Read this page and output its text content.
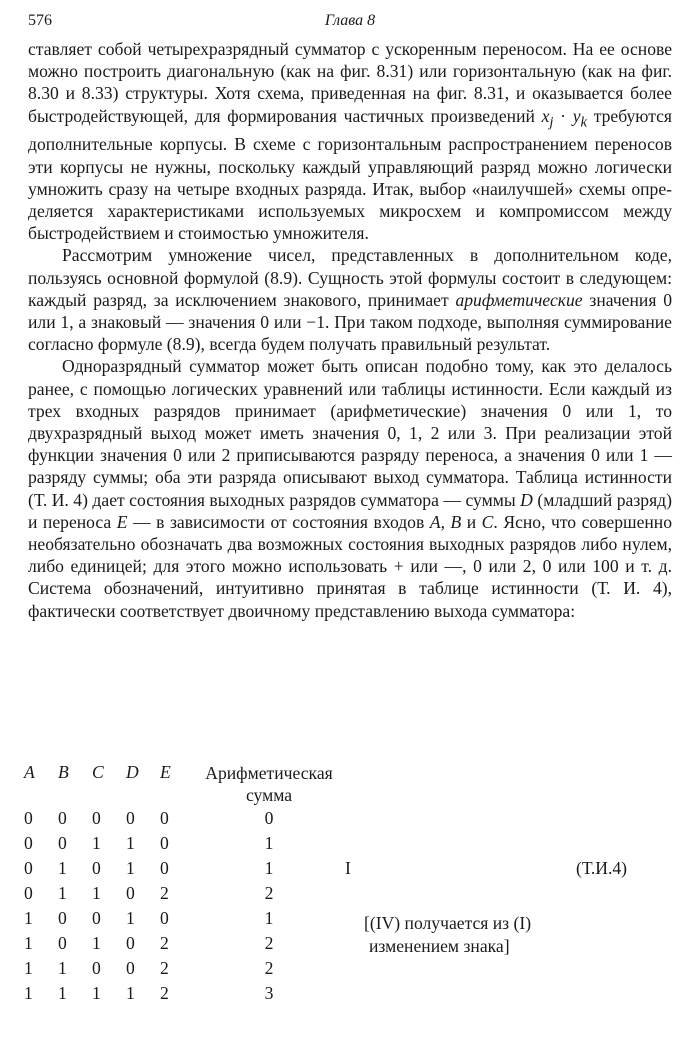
576	Глава 8

ставляет собой четырехразрядный сумматор с ускоренным переносом. На ее основе можно построить диагональную (как на фиг. 8.31) или горизонтальную (как на фиг. 8.30 и 8.33) структуры. Хотя схема, приведенная на фиг. 8.31, и оказывается более быстродействующей, для формирования частичных произведений $x_j \cdot y_k$ требуются дополнительные корпусы. В схеме с горизонтальным распространением переносов эти корпусы не нужны, поскольку каждый управляющий разряд можно логически умножить сразу на четыре входных разряда. Итак, выбор «наилучшей» схемы определяется характеристиками используемых микросхем и компромиссом между быстродействием и стоимостью умножителя.

Рассмотрим умножение чисел, представленных в дополнительном коде, пользуясь основной формулой (8.9). Сущность этой формулы состоит в следующем: каждый разряд, за исключением знакового, принимает арифметические значения 0 или 1, а знаковый — значения 0 или −1. При таком подходе, выполняя суммирование согласно формуле (8.9), всегда будем получать правильный результат.

Одноразрядный сумматор может быть описан подобно тому, как это делалось ранее, с помощью логических уравнений или таблицы истинности. Если каждый из трех входных разрядов принимает (арифметические) значения 0 или 1, то двухразрядный выход может иметь значения 0, 1, 2 или 3. При реализации этой функции значения 0 или 2 приписываются разряду переноса, а значения 0 или 1 — разряду суммы; оба эти разряда описывают выход сумматора. Таблица истинности (Т. И. 4) дает состояния выходных разрядов сумматора — суммы D (младший разряд) и переноса E — в зависимости от состояния входов A, B и C. Ясно, что совершенно необязательно обозначать два возможных состояния выходных разрядов либо нулем, либо единицей; для этого можно использовать + или —, 0 или 2, 0 или 100 и т. д. Система обозначений, интуитивно принятая в таблице истинности (Т. И. 4), фактически соответствует двоичному представлению выхода сумматора:

A	B	C	D	E	Арифметическая
сумма
0	0	0	0	0	0
0	0	1	1	0	1
0	1	0	1	0	1
0	1	1	0	2	2
1	0	0	1	0	1
1	0	1	0	2	2
1	1	0	0	2	2
1	1	1	1	2	3
I	(Т.И.4)
[(IV) получается из (I)
изменением знака]
